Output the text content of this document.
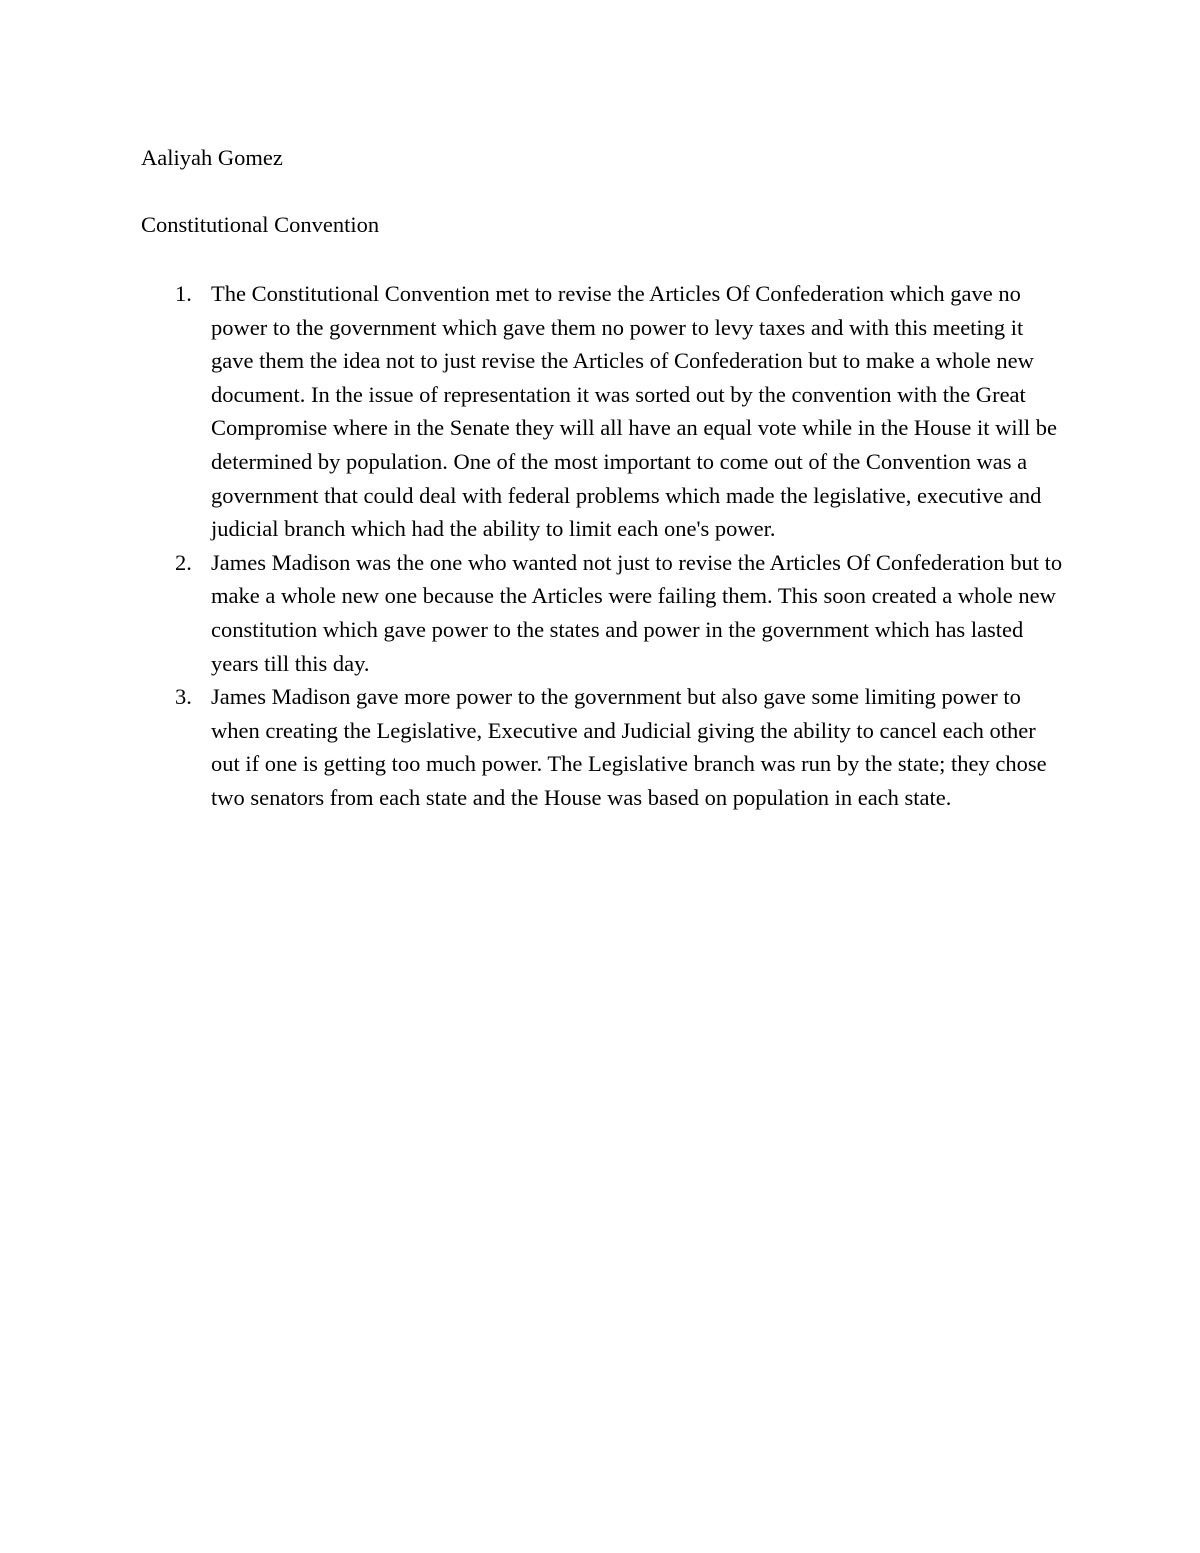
Aaliyah Gomez

Constitutional Convention
1. The Constitutional Convention met to revise the Articles Of Confederation which gave no power to the government which gave them no power to levy taxes and with this meeting it gave them the idea not to just revise the Articles of Confederation but to make a whole new document. In the issue of representation it was sorted out by the convention with the Great Compromise where in the Senate they will all have an equal vote while in the House it will be determined by population. One of the most important to come out of the Convention was a government that could deal with federal problems which made the legislative, executive and judicial branch which had the ability to limit each one's power.
2. James Madison was the one who wanted not just to revise the Articles Of Confederation but to make a whole new one because the Articles were failing them. This soon created a whole new constitution which gave power to the states and power in the government which has lasted years till this day.
3. James Madison gave more power to the government but also gave some limiting power to when creating the Legislative, Executive and Judicial giving the ability to cancel each other out if one is getting too much power. The Legislative branch was run by the state; they chose two senators from each state and the House was based on population in each state.
